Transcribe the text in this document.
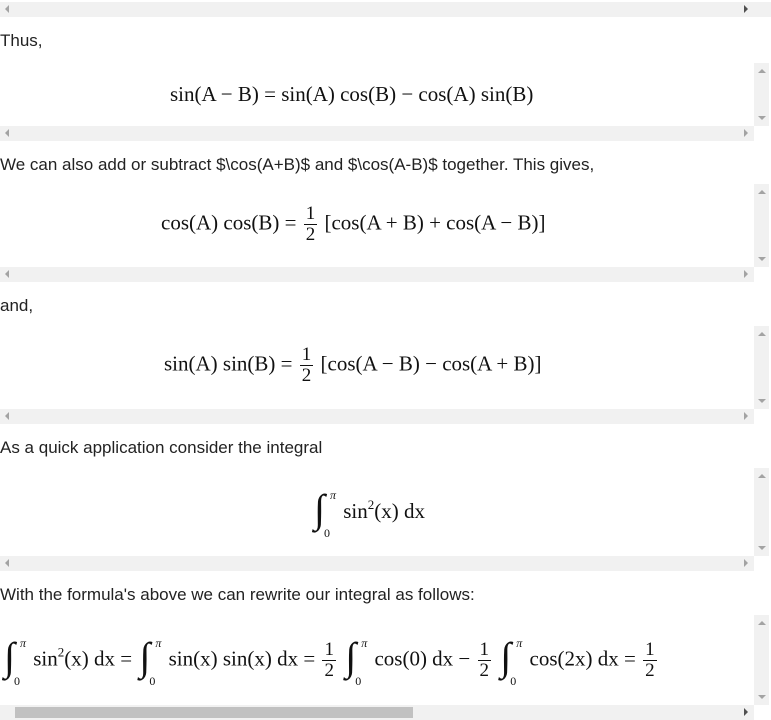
Thus,
sin(A − B) = sin(A) cos(B) − cos(A) sin(B)
We can also add or subtract $\cos(A+B)$ and $\cos(A-B)$ together. This gives,
cos(A) $\cos(B) = \frac{1}{2} [\cos(A + B) + \cos(A - B)]$
and,
sin(A) $\sin(B) = \frac{1}{2} [\cos(A - B) - \cos(A + B)]$
As a quick application consider the integral
∫ π
0
$\sin^2(x)$ dx
With the formula's above we can rewrite our integral as follows:
∫ π
0
$\sin^2(x)$ dx = ∫ π
0
sin(x) sin(x) dx = $\frac{1}{2}$
∫ π
0
cos(0) dx − $\frac{1}{2}$
∫ π
0
cos(2x) dx = $\frac{1}{2}$
